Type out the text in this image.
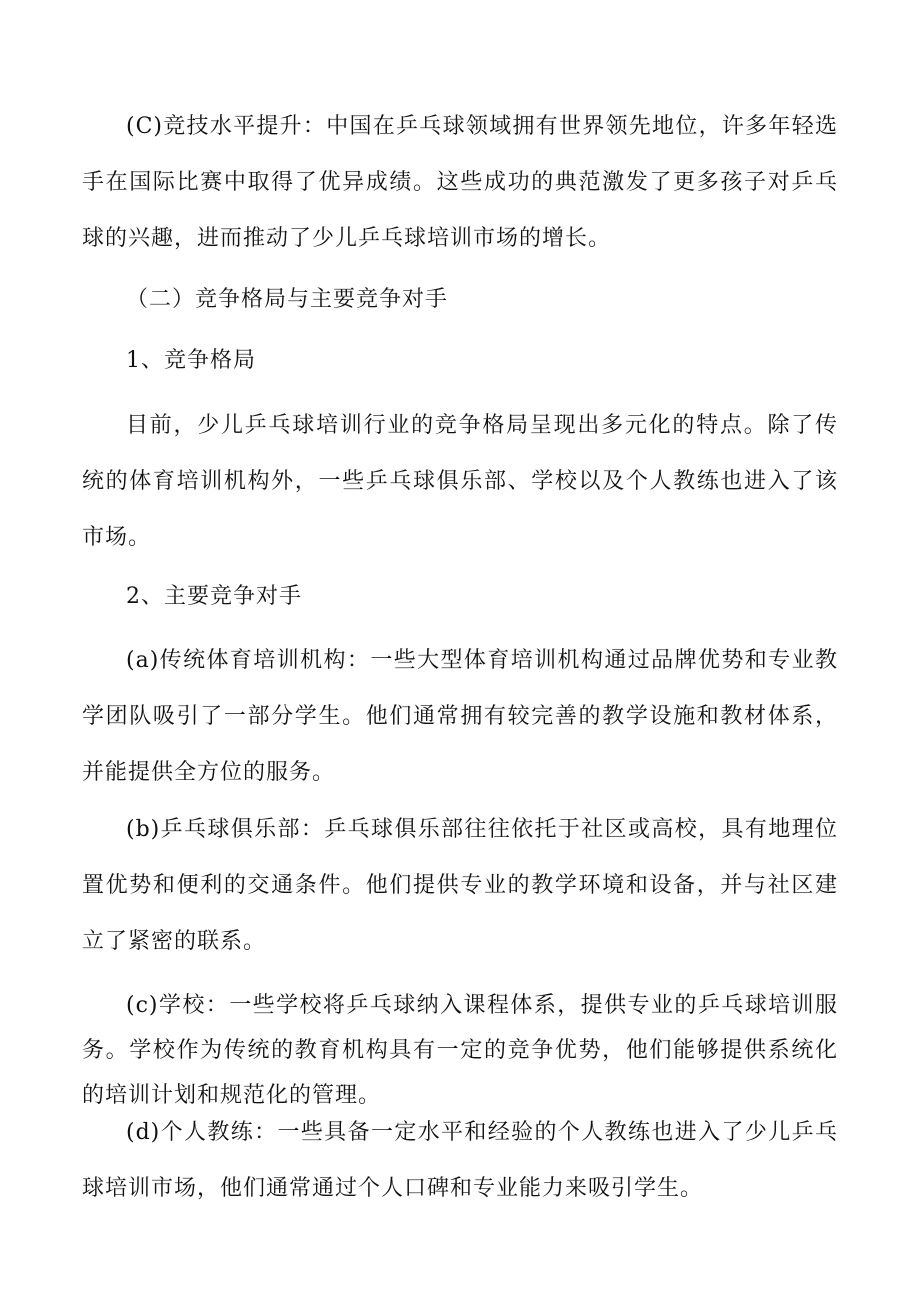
(C)竞技水平提升：中国在乒乓球领域拥有世界领先地位，许多年轻选手在国际比赛中取得了优异成绩。这些成功的典范激发了更多孩子对乒乓球的兴趣，进而推动了少儿乒乓球培训市场的增长。

（二）竞争格局与主要竞争对手

1、竞争格局

目前，少儿乒乓球培训行业的竞争格局呈现出多元化的特点。除了传统的体育培训机构外，一些乒乓球俱乐部、学校以及个人教练也进入了该市场。

2、主要竞争对手

(a)传统体育培训机构：一些大型体育培训机构通过品牌优势和专业教学团队吸引了一部分学生。他们通常拥有较完善的教学设施和教材体系，并能提供全方位的服务。

(b)乒乓球俱乐部：乒乓球俱乐部往往依托于社区或高校，具有地理位置优势和便利的交通条件。他们提供专业的教学环境和设备，并与社区建立了紧密的联系。

(c)学校：一些学校将乒乓球纳入课程体系，提供专业的乒乓球培训服务。学校作为传统的教育机构具有一定的竞争优势，他们能够提供系统化的培训计划和规范化的管理。

(d)个人教练：一些具备一定水平和经验的个人教练也进入了少儿乒乓球培训市场，他们通常通过个人口碑和专业能力来吸引学生。
